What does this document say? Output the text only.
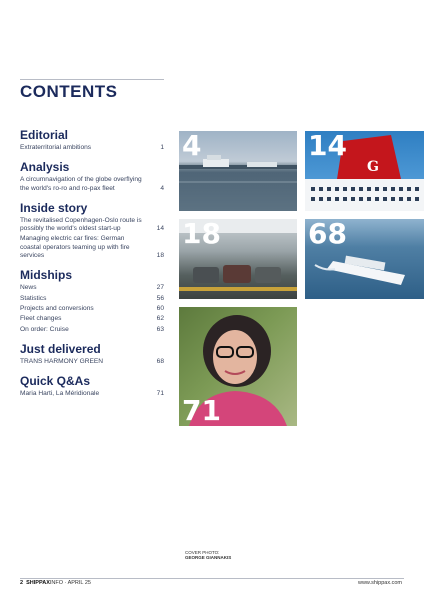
CONTENTS
Editorial
Extraterritorial ambitions	1
Analysis
A circumnavigation of the globe overflying the world's ro-ro and ro-pax fleet	4
Inside story
The revitalised Copenhagen-Oslo route is possibly the world's oldest start-up	14
Managing electric car fires: German coastal operators teaming up with fire services	18
Midships
News	27
Statistics	56
Projects and conversions	60
Fleet changes	62
On order: Cruise	63
Just delivered
TRANS HARMONY GREEN	68
Quick Q&As
Maria Harti, La Méridionale	71
4
G
14
18	68
71
COVER PHOTO:
GEORGE GIANNAKIS
2 SHIPPAXINFO · APRIL 25	www.shippax.com
